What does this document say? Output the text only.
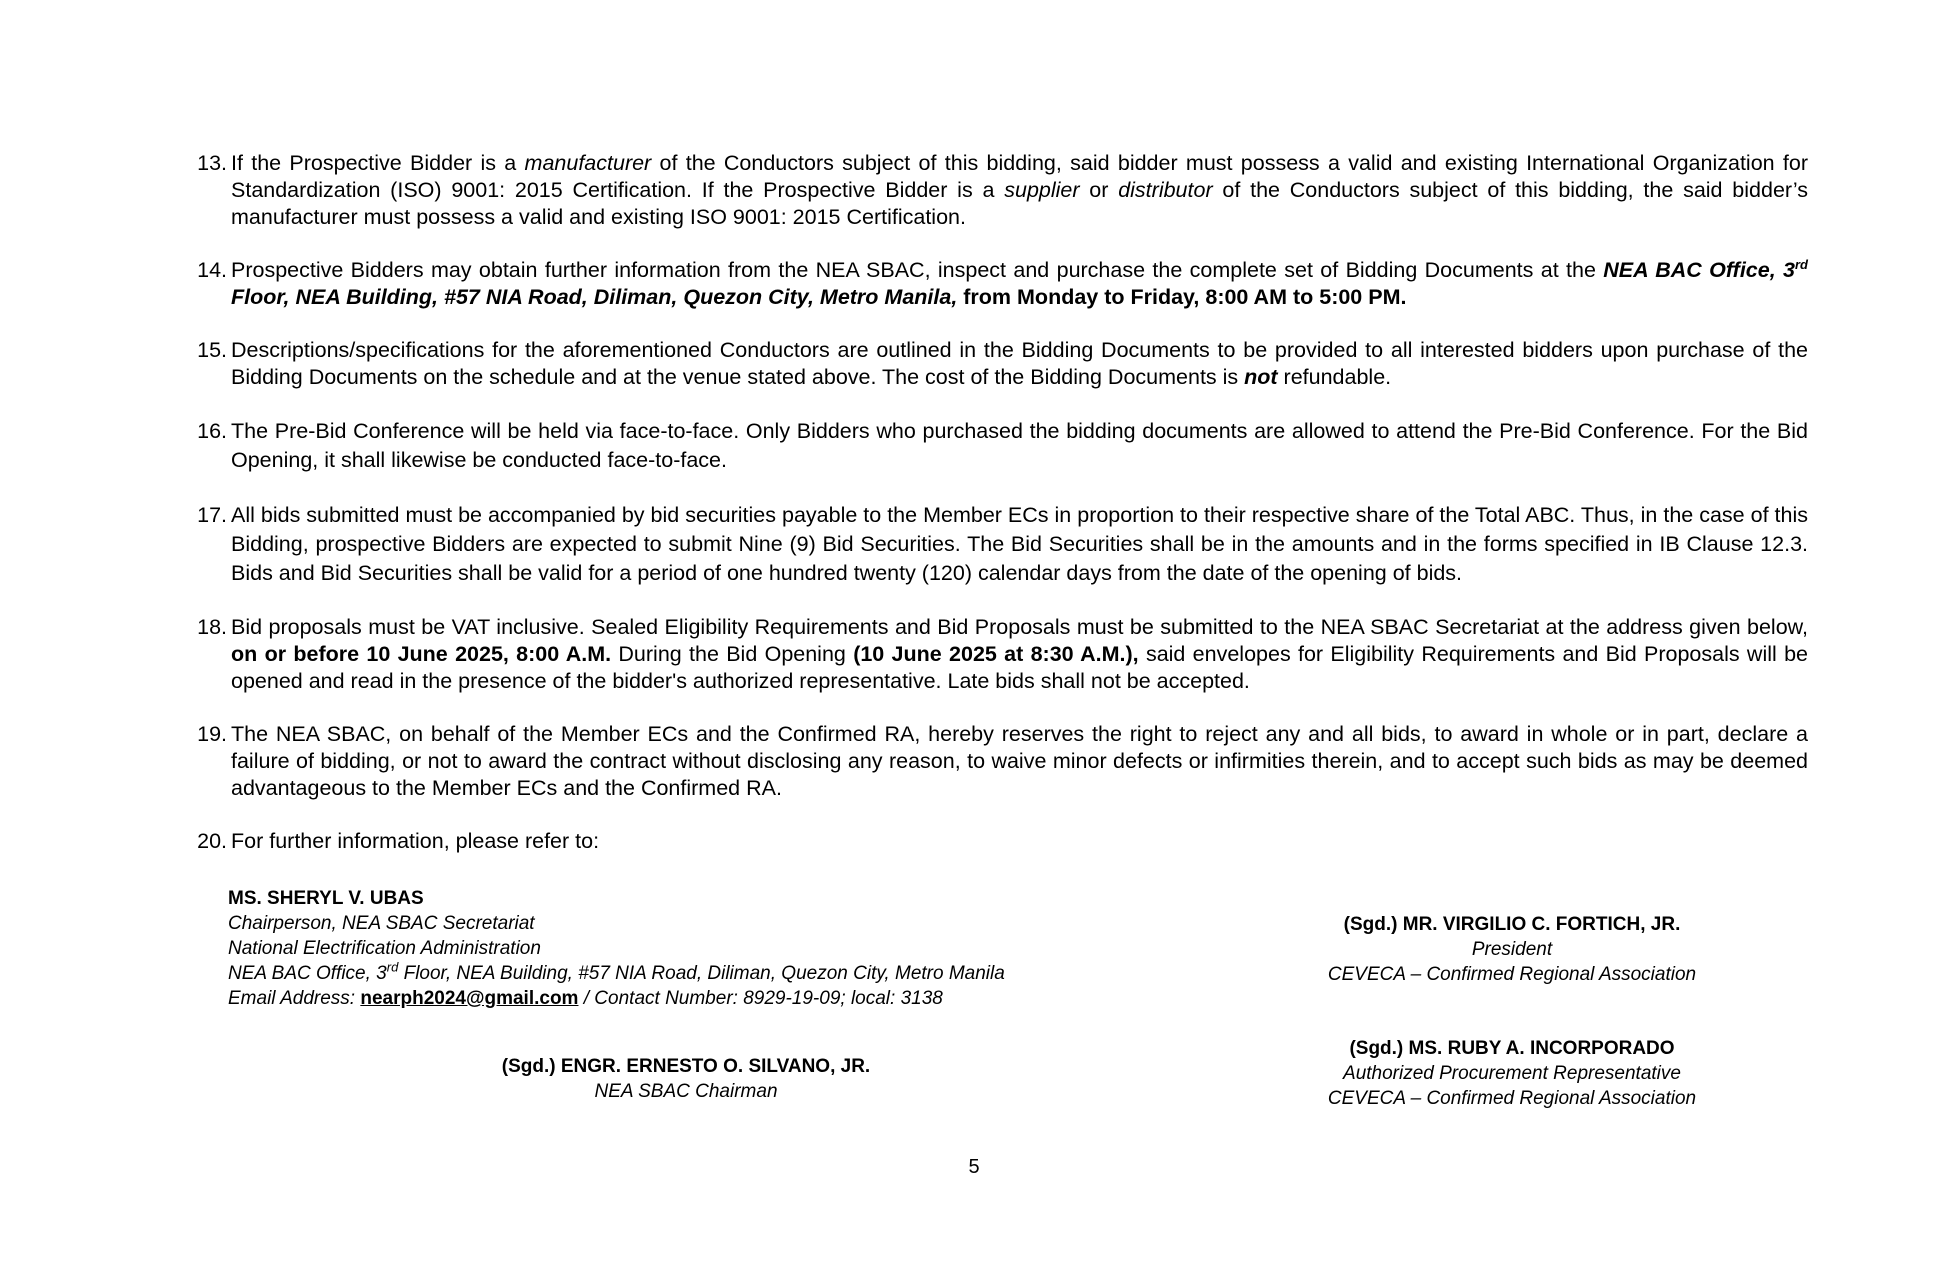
13. If the Prospective Bidder is a manufacturer of the Conductors subject of this bidding, said bidder must possess a valid and existing International Organization for Standardization (ISO) 9001: 2015 Certification. If the Prospective Bidder is a supplier or distributor of the Conductors subject of this bidding, the said bidder’s manufacturer must possess a valid and existing ISO 9001: 2015 Certification.
14. Prospective Bidders may obtain further information from the NEA SBAC, inspect and purchase the complete set of Bidding Documents at the NEA BAC Office, 3rd Floor, NEA Building, #57 NIA Road, Diliman, Quezon City, Metro Manila, from Monday to Friday, 8:00 AM to 5:00 PM.
15. Descriptions/specifications for the aforementioned Conductors are outlined in the Bidding Documents to be provided to all interested bidders upon purchase of the Bidding Documents on the schedule and at the venue stated above. The cost of the Bidding Documents is not refundable.
16. The Pre-Bid Conference will be held via face-to-face. Only Bidders who purchased the bidding documents are allowed to attend the Pre-Bid Conference. For the Bid Opening, it shall likewise be conducted face-to-face.
17. All bids submitted must be accompanied by bid securities payable to the Member ECs in proportion to their respective share of the Total ABC. Thus, in the case of this Bidding, prospective Bidders are expected to submit Nine (9) Bid Securities. The Bid Securities shall be in the amounts and in the forms specified in IB Clause 12.3. Bids and Bid Securities shall be valid for a period of one hundred twenty (120) calendar days from the date of the opening of bids.
18. Bid proposals must be VAT inclusive. Sealed Eligibility Requirements and Bid Proposals must be submitted to the NEA SBAC Secretariat at the address given below, on or before 10 June 2025, 8:00 A.M. During the Bid Opening (10 June 2025 at 8:30 A.M.), said envelopes for Eligibility Requirements and Bid Proposals will be opened and read in the presence of the bidder's authorized representative. Late bids shall not be accepted.
19. The NEA SBAC, on behalf of the Member ECs and the Confirmed RA, hereby reserves the right to reject any and all bids, to award in whole or in part, declare a failure of bidding, or not to award the contract without disclosing any reason, to waive minor defects or infirmities therein, and to accept such bids as may be deemed advantageous to the Member ECs and the Confirmed RA.
20. For further information, please refer to:
MS. SHERYL V. UBAS
Chairperson, NEA SBAC Secretariat
National Electrification Administration
NEA BAC Office, 3rd Floor, NEA Building, #57 NIA Road, Diliman, Quezon City, Metro Manila
Email Address: nearph2024@gmail.com / Contact Number: 8929-19-09; local: 3138
(Sgd.) MR. VIRGILIO C. FORTICH, JR.
President
CEVECA – Confirmed Regional Association
(Sgd.) MS. RUBY A. INCORPORADO
Authorized Procurement Representative
CEVECA – Confirmed Regional Association
(Sgd.) ENGR. ERNESTO O. SILVANO, JR.
NEA SBAC Chairman
5
